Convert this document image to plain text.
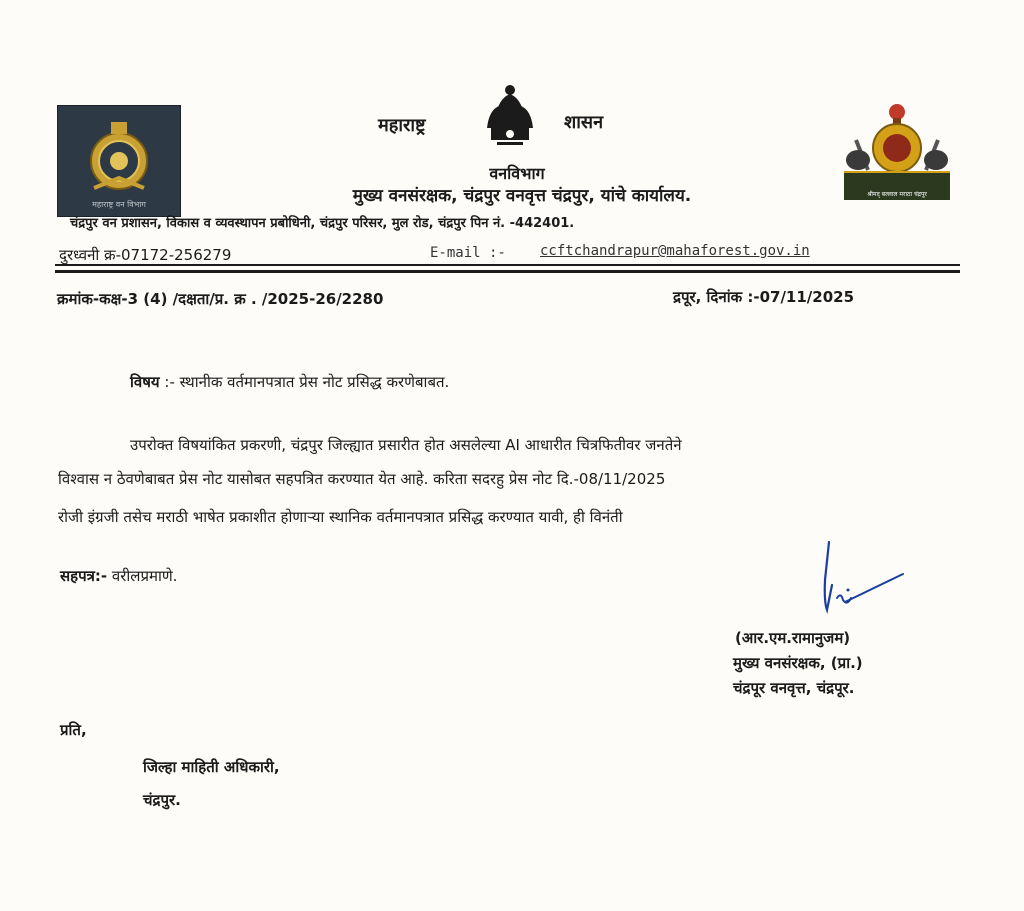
महाराष्ट्र वन विभाग
महाराष्ट्र	शासन
श्रीमद् बल्लाल मराठा चंद्रपूर
वनविभाग
मुख्य वनसंरक्षक, चंद्रपुर वनवृत्त चंद्रपुर, यांचे कार्यालय.
चंद्रपुर वन प्रशासन, विकास व व्यवस्थापन प्रबोधिनी, चंद्रपुर परिसर, मुल रोड, चंद्रपुर पिन नं. -442401.
दुरध्वनी क्र-07172-256279	E-mail :- ccftchandrapur@mahaforest.gov.in
क्रमांक-कक्ष-3 (4) /दक्षता/प्र. क्र . /2025-26/2280	द्रपूर, दिनांक :-07/11/2025
विषय :- स्थानीक वर्तमानपत्रात प्रेस नोट प्रसिद्ध करणेबाबत.
उपरोक्त विषयांकित प्रकरणी, चंद्रपुर जिल्ह्यात प्रसारीत होत असलेल्या AI आधारीत चित्रफितीवर जनतेने
विश्वास न ठेवणेबाबत प्रेस नोट यासोबत सहपत्रित करण्यात येत आहे. करिता सदरहु प्रेस नोट दि.-08/11/2025
रोजी इंग्रजी तसेच मराठी भाषेत प्रकाशीत होणाऱ्या स्थानिक वर्तमानपत्रात प्रसिद्ध करण्यात यावी, ही विनंती
सहपत्र:- वरीलप्रमाणे.
(आर.एम.रामानुजम)
मुख्य वनसंरक्षक, (प्रा.)
चंद्रपूर वनवृत्त, चंद्रपूर.
प्रति,
जिल्हा माहिती अधिकारी,
चंद्रपुर.
